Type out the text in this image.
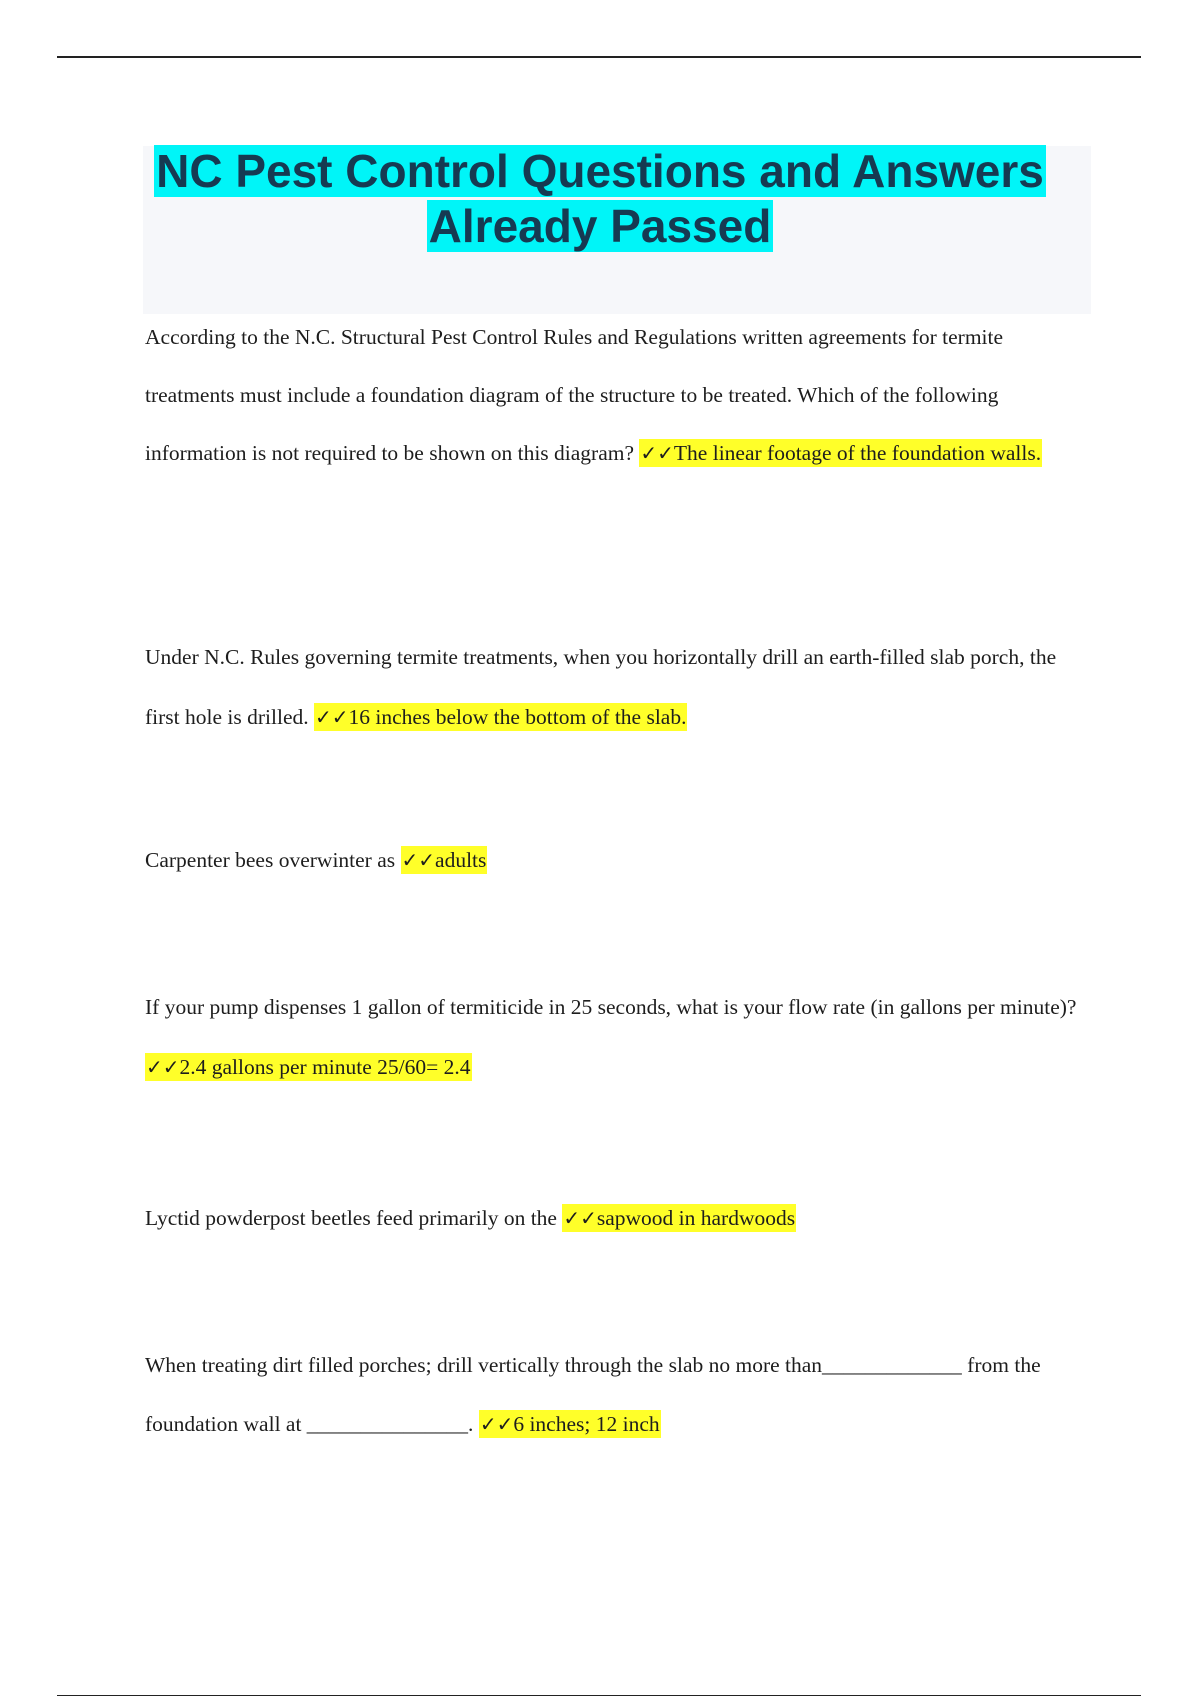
NC Pest Control Questions and Answers
Already Passed

According to the N.C. Structural Pest Control Rules and Regulations written agreements for termite treatments must include a foundation diagram of the structure to be treated. Which of the following information is not required to be shown on this diagram? ✓✓The linear footage of the foundation walls.

Under N.C. Rules governing termite treatments, when you horizontally drill an earth-filled slab porch, the first hole is drilled. ✓✓16 inches below the bottom of the slab.

Carpenter bees overwinter as ✓✓adults

If your pump dispenses 1 gallon of termiticide in 25 seconds, what is your flow rate (in gallons per minute)? ✓✓2.4 gallons per minute 25/60= 2.4

Lyctid powderpost beetles feed primarily on the ✓✓sapwood in hardwoods

When treating dirt filled porches; drill vertically through the slab no more than_____________ from the foundation wall at _______________. ✓✓6 inches; 12 inch
